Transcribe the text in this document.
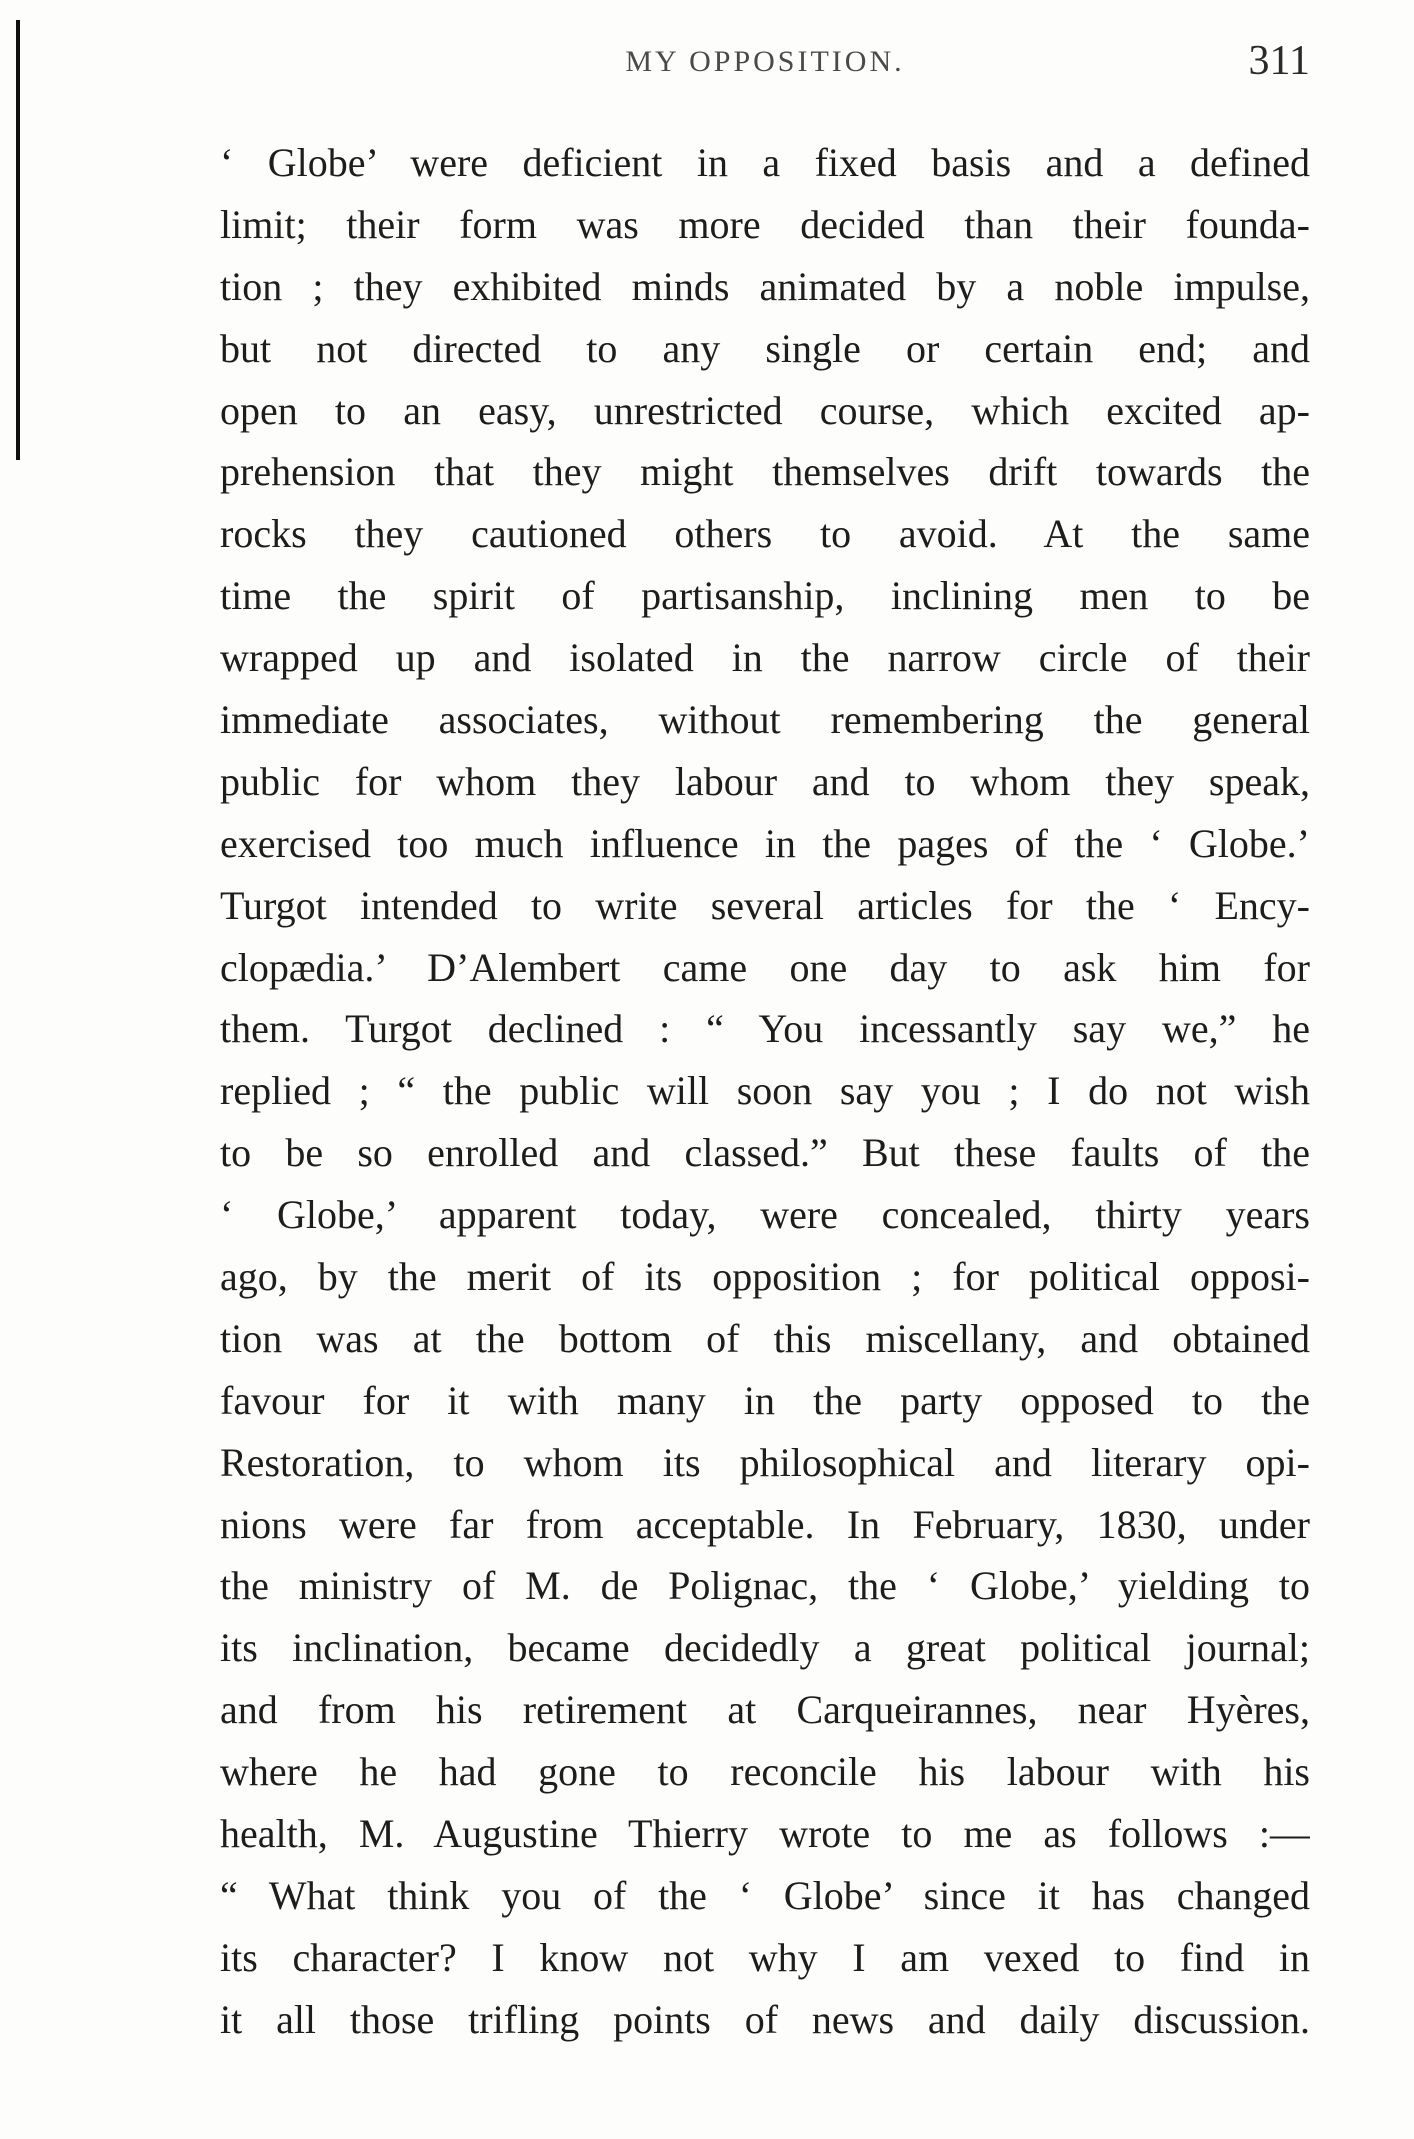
MY OPPOSITION.	311
‘ Globe’ were deficient in a fixed basis and a defined
limit; their form was more decided than their founda-
tion ; they exhibited minds animated by a noble impulse,
but not directed to any single or certain end; and
open to an easy, unrestricted course, which excited ap-
prehension that they might themselves drift towards the
rocks they cautioned others to avoid. At the same
time the spirit of partisanship, inclining men to be
wrapped up and isolated in the narrow circle of their
immediate associates, without remembering the general
public for whom they labour and to whom they speak,
exercised too much influence in the pages of the ‘ Globe.’
Turgot intended to write several articles for the ‘ Ency-
clopædia.’ D’Alembert came one day to ask him for
them. Turgot declined : “ You incessantly say we,” he
replied ; “ the public will soon say you ; I do not wish
to be so enrolled and classed.” But these faults of the
‘ Globe,’ apparent today, were concealed, thirty years
ago, by the merit of its opposition ; for political opposi-
tion was at the bottom of this miscellany, and obtained
favour for it with many in the party opposed to the
Restoration, to whom its philosophical and literary opi-
nions were far from acceptable. In February, 1830, under
the ministry of M. de Polignac, the ‘ Globe,’ yielding to
its inclination, became decidedly a great political journal;
and from his retirement at Carqueirannes, near Hyères,
where he had gone to reconcile his labour with his
health, M. Augustine Thierry wrote to me as follows :—
“ What think you of the ‘ Globe’ since it has changed
its character? I know not why I am vexed to find in
it all those trifling points of news and daily discussion.
